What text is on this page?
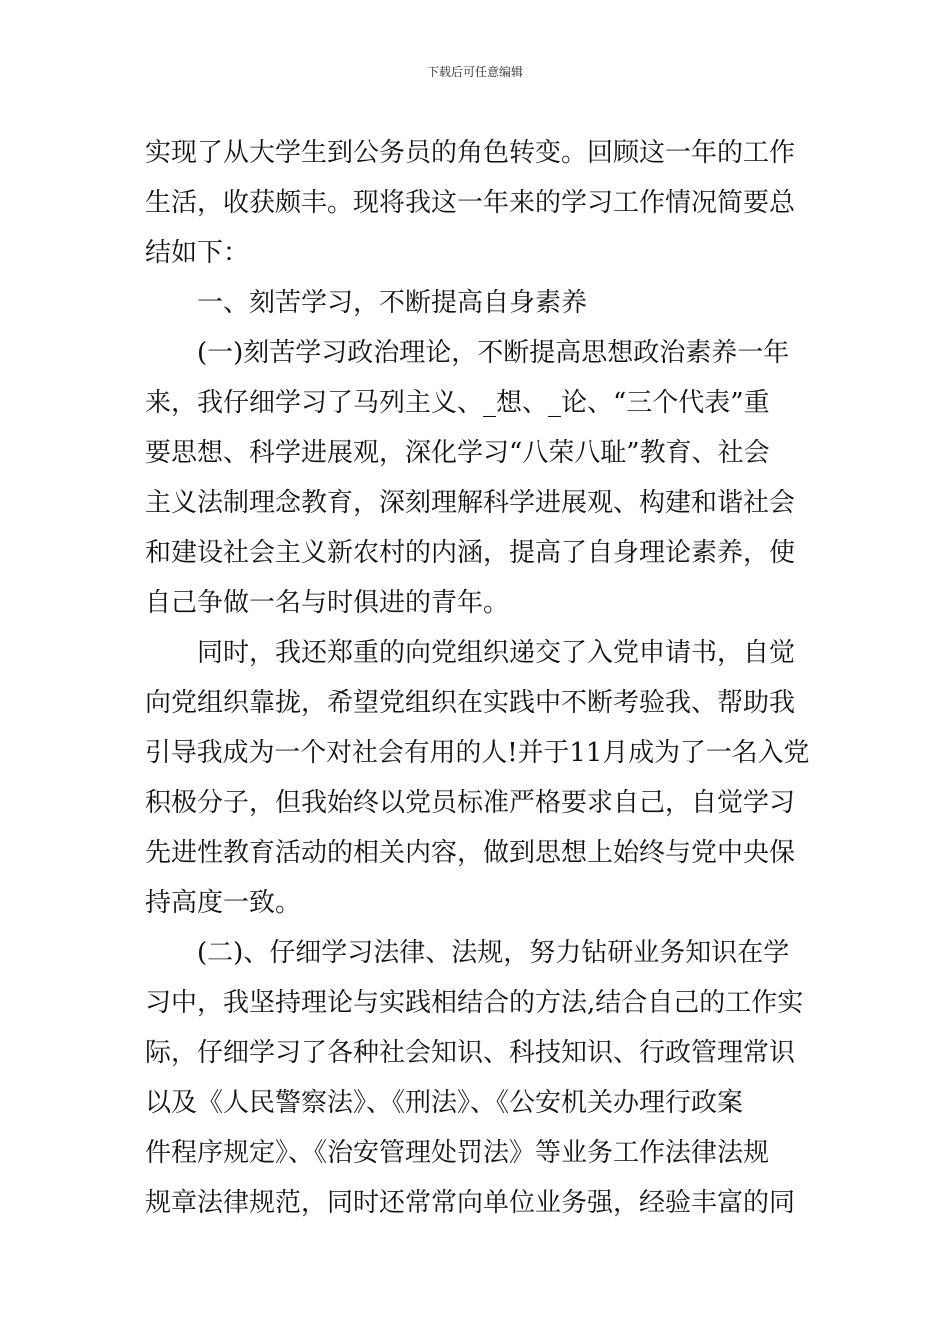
下载后可任意编辑
实现了从大学生到公务员的角色转变。回顾这一年的工作
生活，收获颇丰。现将我这一年来的学习工作情况简要总
结如下：
一、刻苦学习，不断提高自身素养
(一)刻苦学习政治理论，不断提高思想政治素养一年
来，我仔细学习了马列主义、_想、_论、“三个代表”重
要思想、科学进展观，深化学习“八荣八耻”教育、社会
主义法制理念教育，深刻理解科学进展观、构建和谐社会
和建设社会主义新农村的内涵，提高了自身理论素养，使
自己争做一名与时俱进的青年。
同时，我还郑重的向党组织递交了入党申请书，自觉
向党组织靠拢，希望党组织在实践中不断考验我、帮助我
引导我成为一个对社会有用的人!并于11月成为了一名入党
积极分子，但我始终以党员标准严格要求自己，自觉学习
先进性教育活动的相关内容，做到思想上始终与党中央保
持高度一致。
(二)、仔细学习法律、法规，努力钻研业务知识在学
习中，我坚持理论与实践相结合的方法,结合自己的工作实
际，仔细学习了各种社会知识、科技知识、行政管理常识
以及《人民警察法》、《刑法》、《公安机关办理行政案
件程序规定》、《治安管理处罚法》等业务工作法律法规
规章法律规范，同时还常常向单位业务强，经验丰富的同
